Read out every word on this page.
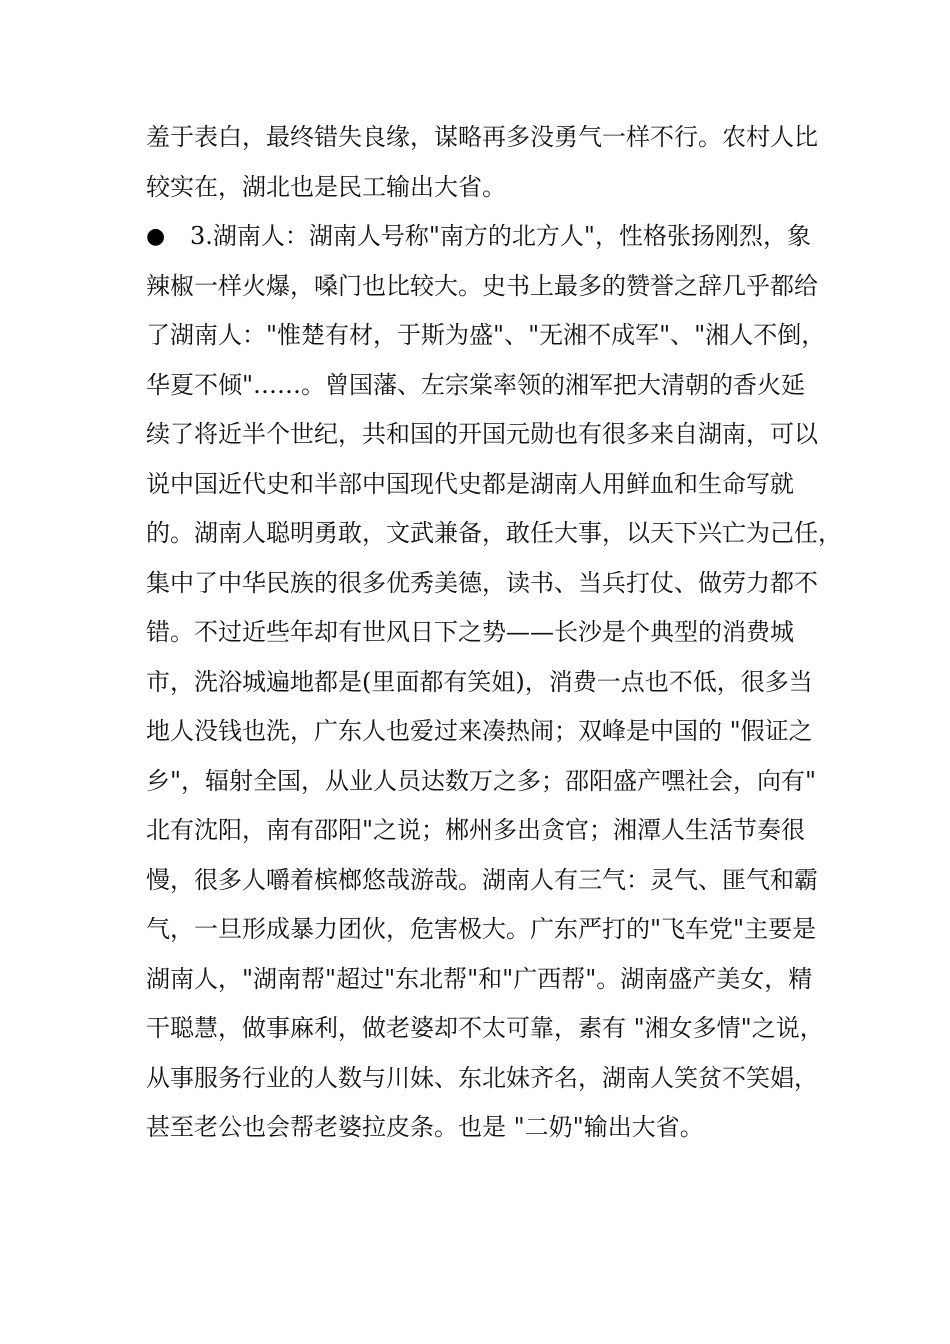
羞于表白，最终错失良缘，谋略再多没勇气一样不行。农村人比
较实在，湖北也是民工输出大省。
● 3.湖南人：湖南人号称"南方的北方人"，性格张扬刚烈，象
辣椒一样火爆，嗓门也比较大。史书上最多的赞誉之辞几乎都给
了湖南人："惟楚有材，于斯为盛"、"无湘不成军"、"湘人不倒，
华夏不倾"……。曾国藩、左宗棠率领的湘军把大清朝的香火延
续了将近半个世纪，共和国的开国元勋也有很多来自湖南，可以
说中国近代史和半部中国现代史都是湖南人用鲜血和生命写就
的。湖南人聪明勇敢，文武兼备，敢任大事，以天下兴亡为己任，
集中了中华民族的很多优秀美德，读书、当兵打仗、做劳力都不
错。不过近些年却有世风日下之势——长沙是个典型的消费城
市，洗浴城遍地都是(里面都有笑姐)，消费一点也不低，很多当
地人没钱也洗，广东人也爱过来凑热闹；双峰是中国的 "假证之
乡"，辐射全国，从业人员达数万之多；邵阳盛产嘿社会，向有"
北有沈阳，南有邵阳"之说；郴州多出贪官；湘潭人生活节奏很
慢，很多人嚼着槟榔悠哉游哉。湖南人有三气：灵气、匪气和霸
气，一旦形成暴力团伙，危害极大。广东严打的"飞车党"主要是
湖南人，"湖南帮"超过"东北帮"和"广西帮"。湖南盛产美女，精
干聪慧，做事麻利，做老婆却不太可靠，素有 "湘女多情"之说，
从事服务行业的人数与川妹、东北妹齐名，湖南人笑贫不笑娼，
甚至老公也会帮老婆拉皮条。也是 "二奶"输出大省。
